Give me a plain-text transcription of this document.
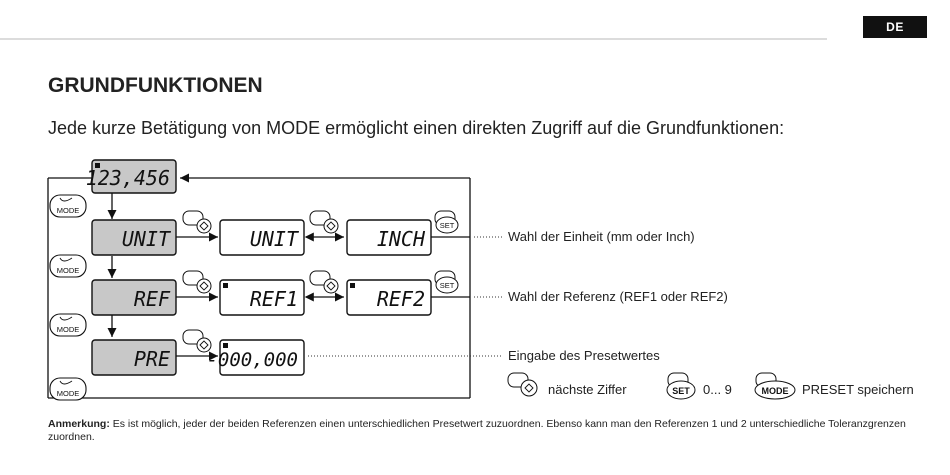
DE
GRUNDFUNKTIONEN
Jede kurze Betätigung von MODE ermöglicht einen direkten Zugriff auf die Grundfunktionen:
MODE
MODE
MODE
MODE
123,456
UNIT	UNIT	INCH
SET
Wahl der Einheit (mm oder Inch)
REF	REF1	REF2
SET
Wahl der Referenz (REF1 oder REF2)
PRE -000,000	Eingabe des Presetwertes
nächste Ziffer	SET 0... 9	MODE PRESET speichern
Anmerkung: Es ist möglich, jeder der beiden Referenzen einen unterschiedlichen Presetwert zuzuordnen. Ebenso kann man den Referenzen 1 und 2 unterschiedliche Toleranzgrenzen zuordnen.
